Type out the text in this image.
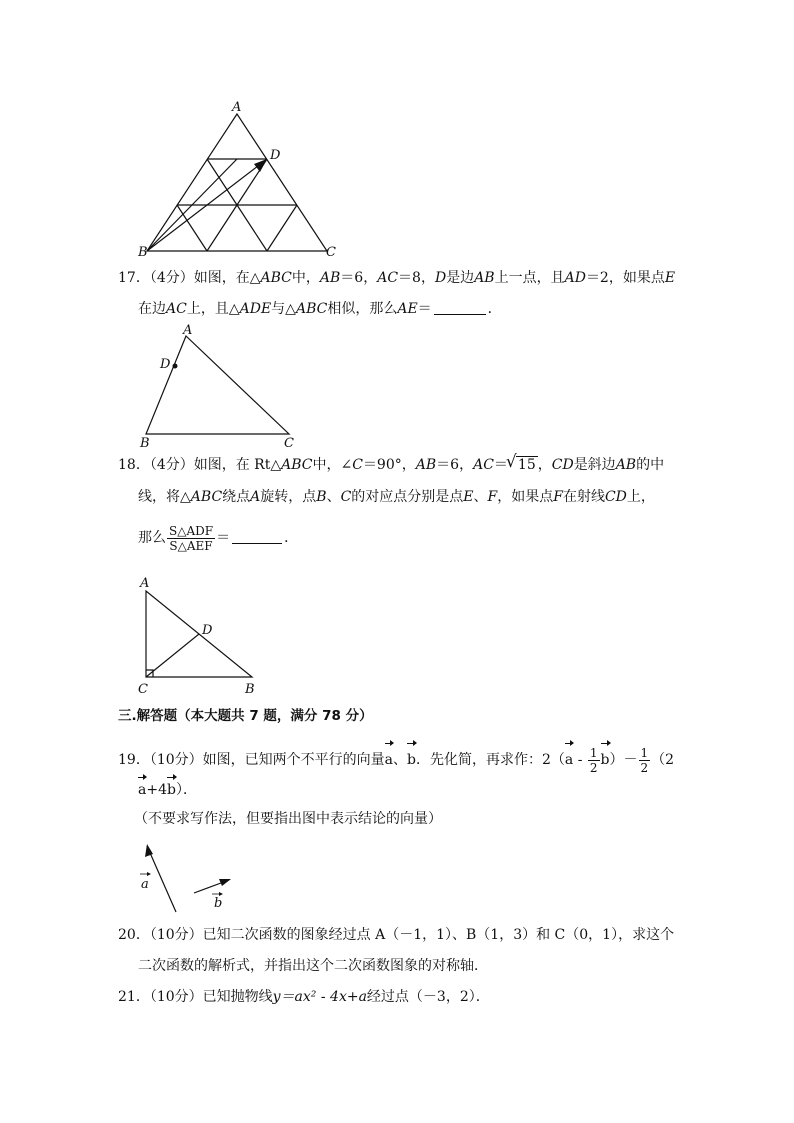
A
D
B	C
17．（4分）如图，在△ABC中，AB＝6，AC＝8，D是边AB上一点，且AD＝2，如果点E
在边AC上，且△ADE与△ABC相似，那么AE＝	．
A
D
B	C
18．（4分）如图，在 Rt△ABC中，∠C＝90°，AB＝6，AC＝√ 15 ，CD是斜边AB的中
线，将△ABC绕点A旋转，点B、C的对应点分别是点E、F，如果点F在射线CD上，
那么 $\frac{\text{S△ADF}}{\text{S△AEF}}$ ＝	．
A
D
C	B
三.解答题（本大题共 7 题，满分 78 分）
19．（10分）如图，已知两个不平行的向量a、b．先化简，再求作：$2(a - \frac{1}{2} b)- \frac{1}{2} (2$
a+4b）．
（不要求写作法，但要指出图中表示结论的向量）
a
b
20．（10分）已知二次函数的图象经过点 A（－1，1）、B（1，3）和 C（0，1），求这个
二次函数的解析式，并指出这个二次函数图象的对称轴．
21．（10分）已知抛物线y＝ax² - 4x+a经过点（－3，2）．
